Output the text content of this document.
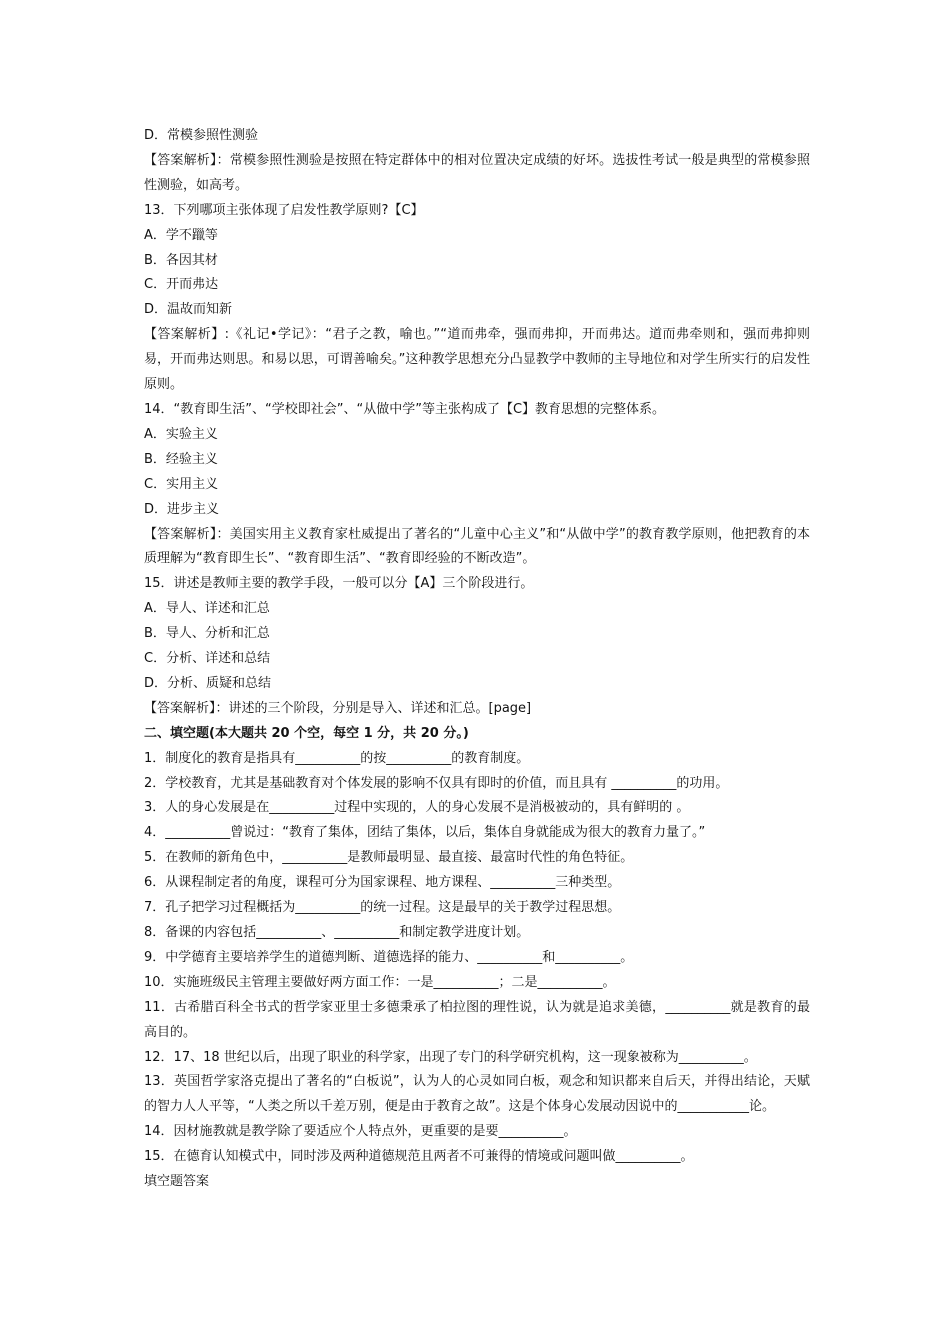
D．常模参照性测验

【答案解析】：常模参照性测验是按照在特定群体中的相对位置决定成绩的好坏。选拔性考试一般是典型的常模参照性测验，如高考。

13．下列哪项主张体现了启发性教学原则?【C】

A．学不躐等

B．各因其材

C．开而弗达

D．温故而知新

【答案解析】:《礼记•学记》：“君子之教，喻也。”“道而弗牵，强而弗抑，开而弗达。道而弗牵则和，强而弗抑则易，开而弗达则思。和易以思，可谓善喻矣。”这种教学思想充分凸显教学中教师的主导地位和对学生所实行的启发性原则。

14．“教育即生活”、“学校即社会”、“从做中学”等主张构成了【C】教育思想的完整体系。

A．实验主义

B．经验主义

C．实用主义

D．进步主义

【答案解析】：美国实用主义教育家杜威提出了著名的“儿童中心主义”和“从做中学”的教育教学原则，他把教育的本质理解为“教育即生长”、“教育即生活”、“教育即经验的不断改造”。

15．讲述是教师主要的教学手段，一般可以分【A】三个阶段进行。

A．导人、详述和汇总

B．导人、分析和汇总

C．分析、详述和总结

D．分析、质疑和总结

【答案解析】：讲述的三个阶段，分别是导入、详述和汇总。[page]

二、填空题(本大题共 20 个空，每空 1 分，共 20 分。)

1．制度化的教育是指具有__________的按__________的教育制度。

2．学校教育，尤其是基础教育对个体发展的影响不仅具有即时的价值，而且具有 __________的功用。

3．人的身心发展是在__________过程中实现的，人的身心发展不是消极被动的，具有鲜明的 。

4．__________曾说过：“教育了集体，团结了集体，以后，集体自身就能成为很大的教育力量了。”

5．在教师的新角色中，__________是教师最明显、最直接、最富时代性的角色特征。

6．从课程制定者的角度，课程可分为国家课程、地方课程、__________三种类型。

7．孔子把学习过程概括为__________的统一过程。这是最早的关于教学过程思想。

8．备课的内容包括__________、__________和制定教学进度计划。

9．中学德育主要培养学生的道德判断、道德选择的能力、__________和__________。

10．实施班级民主管理主要做好两方面工作：一是__________；二是__________。

11．古希腊百科全书式的哲学家亚里士多德秉承了柏拉图的理性说，认为就是追求美德，__________就是教育的最高目的。

12．17、18 世纪以后，出现了职业的科学家，出现了专门的科学研究机构，这一现象被称为__________。

13．英国哲学家洛克提出了著名的“白板说”，认为人的心灵如同白板，观念和知识都来自后天，并得出结论，天赋的智力人人平等，“人类之所以千差万别，便是由于教育之故”。这是个体身心发展动因说中的___________论。

14．因材施教就是教学除了要适应个人特点外，更重要的是要__________。

15．在德育认知模式中，同时涉及两种道德规范且两者不可兼得的情境或问题叫做__________。

填空题答案
